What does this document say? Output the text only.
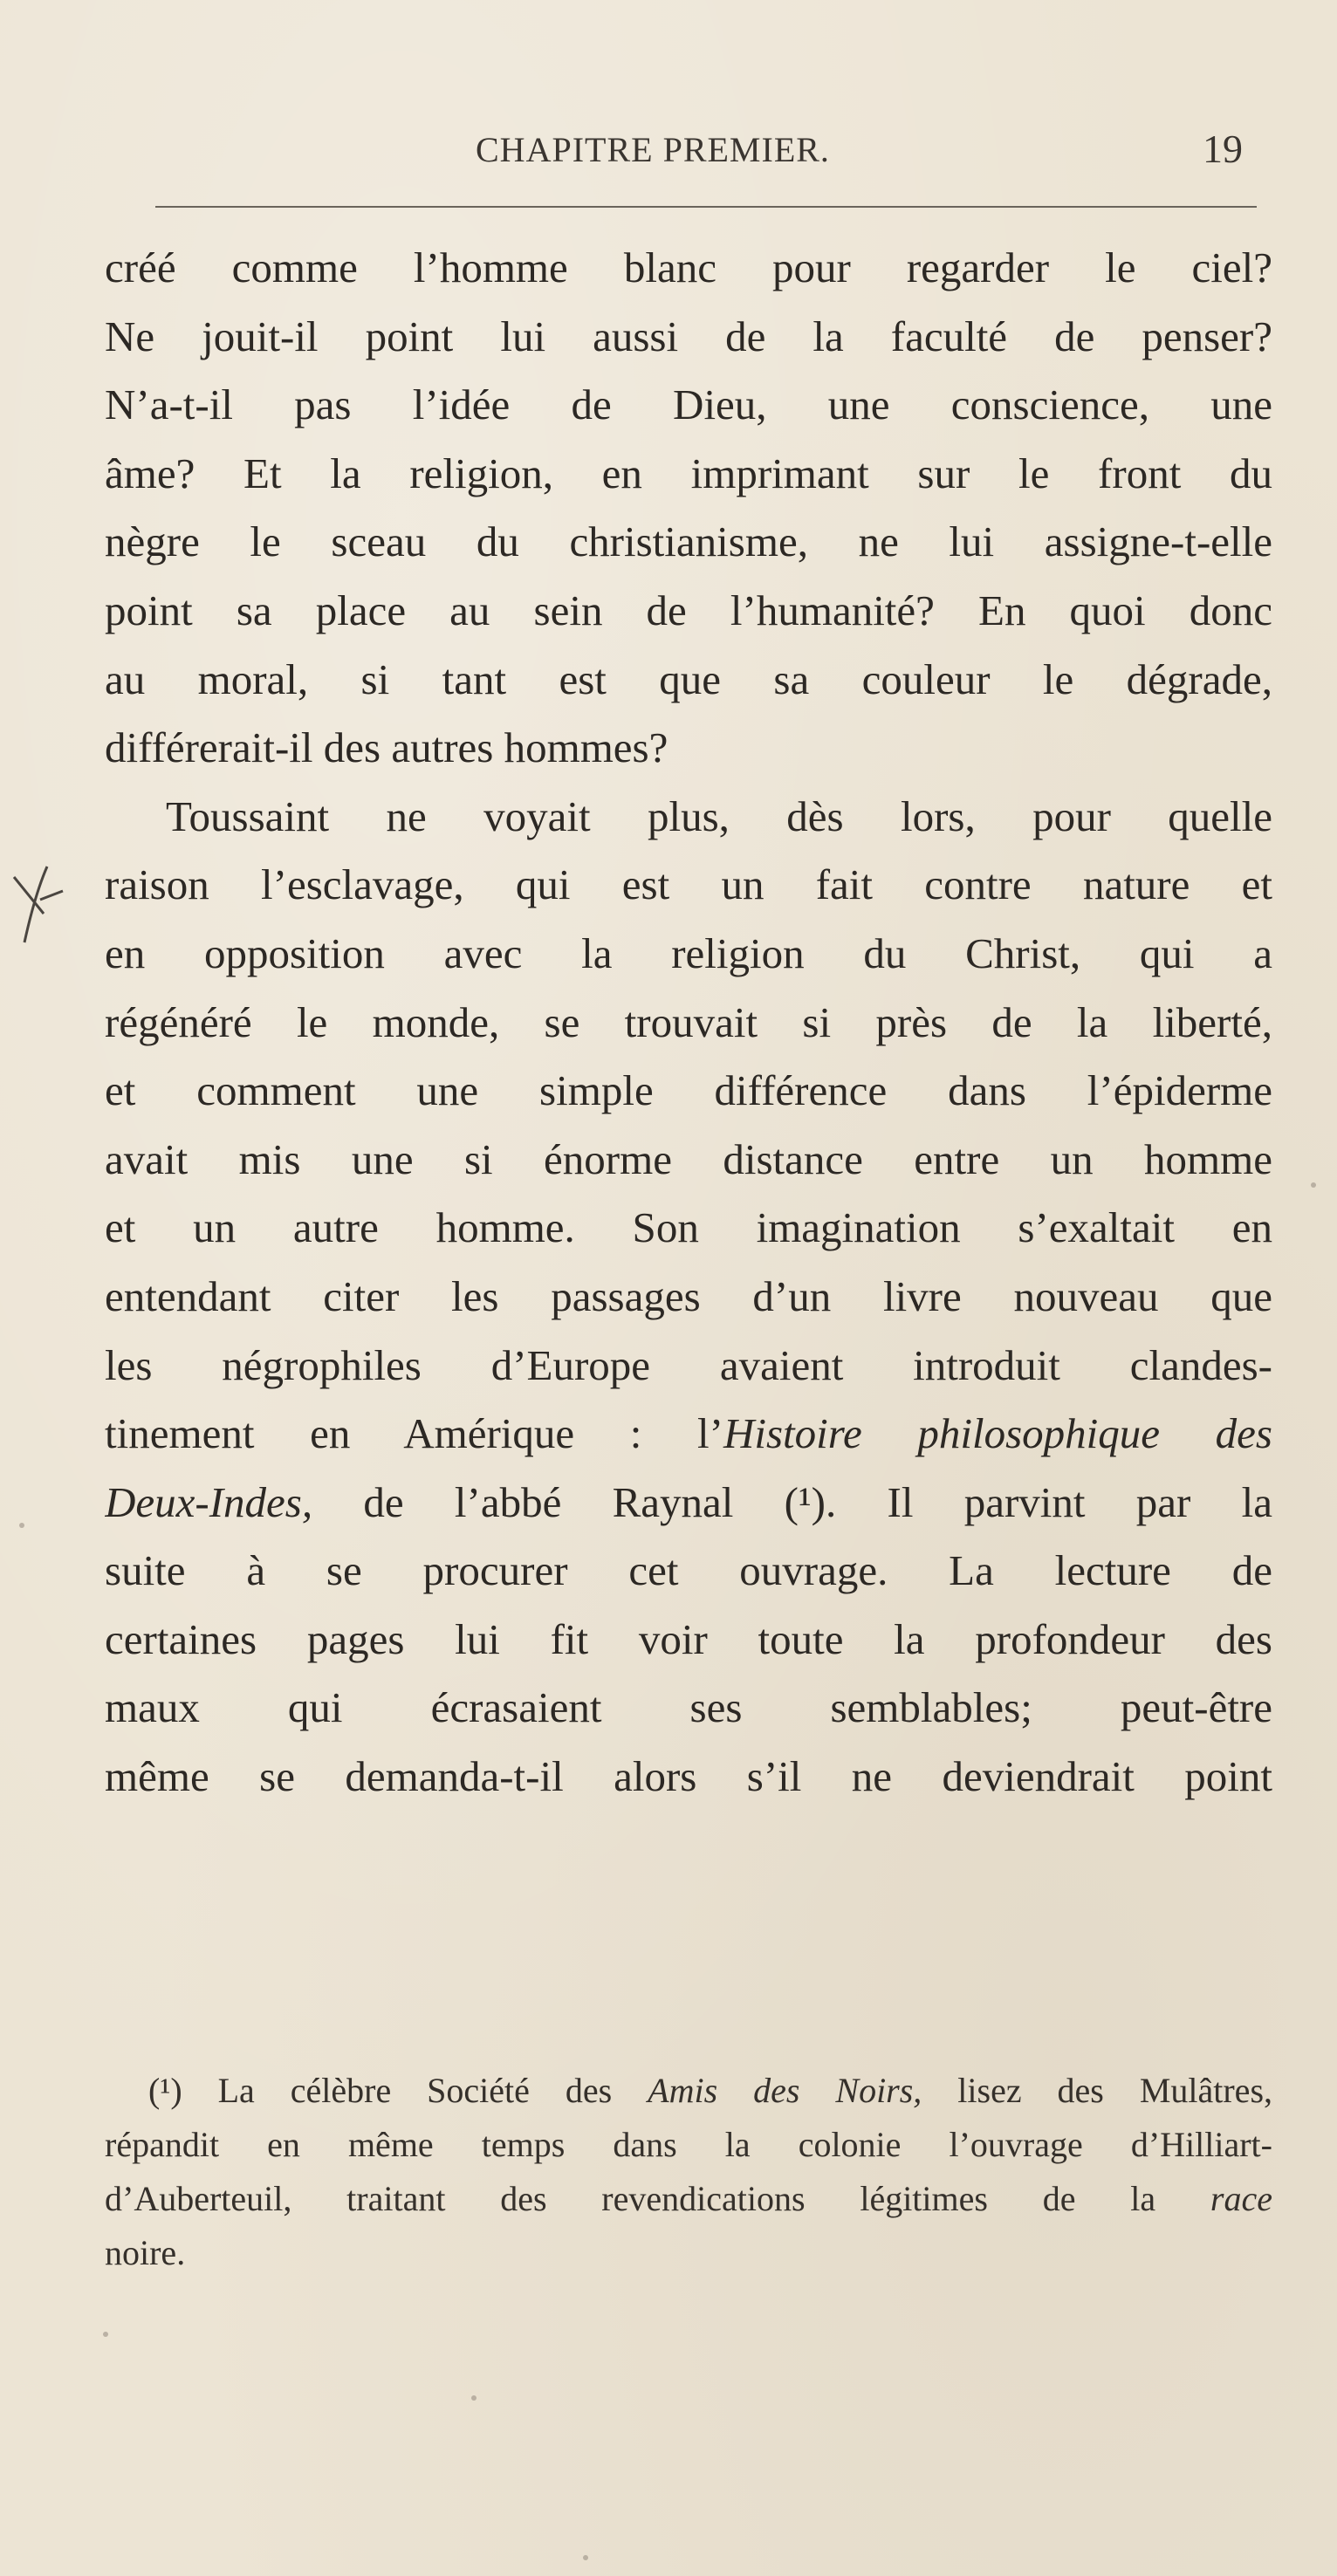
CHAPITRE PREMIER.	19
créé comme l’homme blanc pour regarder le ciel?
Ne jouit-il point lui aussi de la faculté de penser?
N’a-t-il pas l’idée de Dieu, une conscience, une
âme? Et la religion, en imprimant sur le front du
nègre le sceau du christianisme, ne lui assigne-t-elle
point sa place au sein de l’humanité? En quoi donc
au moral, si tant est que sa couleur le dégrade,
différerait-il des autres hommes?
Toussaint ne voyait plus, dès lors, pour quelle
raison l’esclavage, qui est un fait contre nature et
en opposition avec la religion du Christ, qui a
régénéré le monde, se trouvait si près de la liberté,
et comment une simple différence dans l’épiderme
avait mis une si énorme distance entre un homme
et un autre homme. Son imagination s’exaltait en
entendant citer les passages d’un livre nouveau que
les négrophiles d’Europe avaient introduit clandes-
tinement en Amérique : l’Histoire philosophique des
Deux-Indes, de l’abbé Raynal (¹). Il parvint par la
suite à se procurer cet ouvrage. La lecture de
certaines pages lui fit voir toute la profondeur des
maux qui écrasaient ses semblables; peut-être
même se demanda-t-il alors s’il ne deviendrait point
(¹) La célèbre Société des Amis des Noirs, lisez des Mulâtres,
répandit en même temps dans la colonie l’ouvrage d’Hilliart-
d’Auberteuil, traitant des revendications légitimes de la race
noire.
